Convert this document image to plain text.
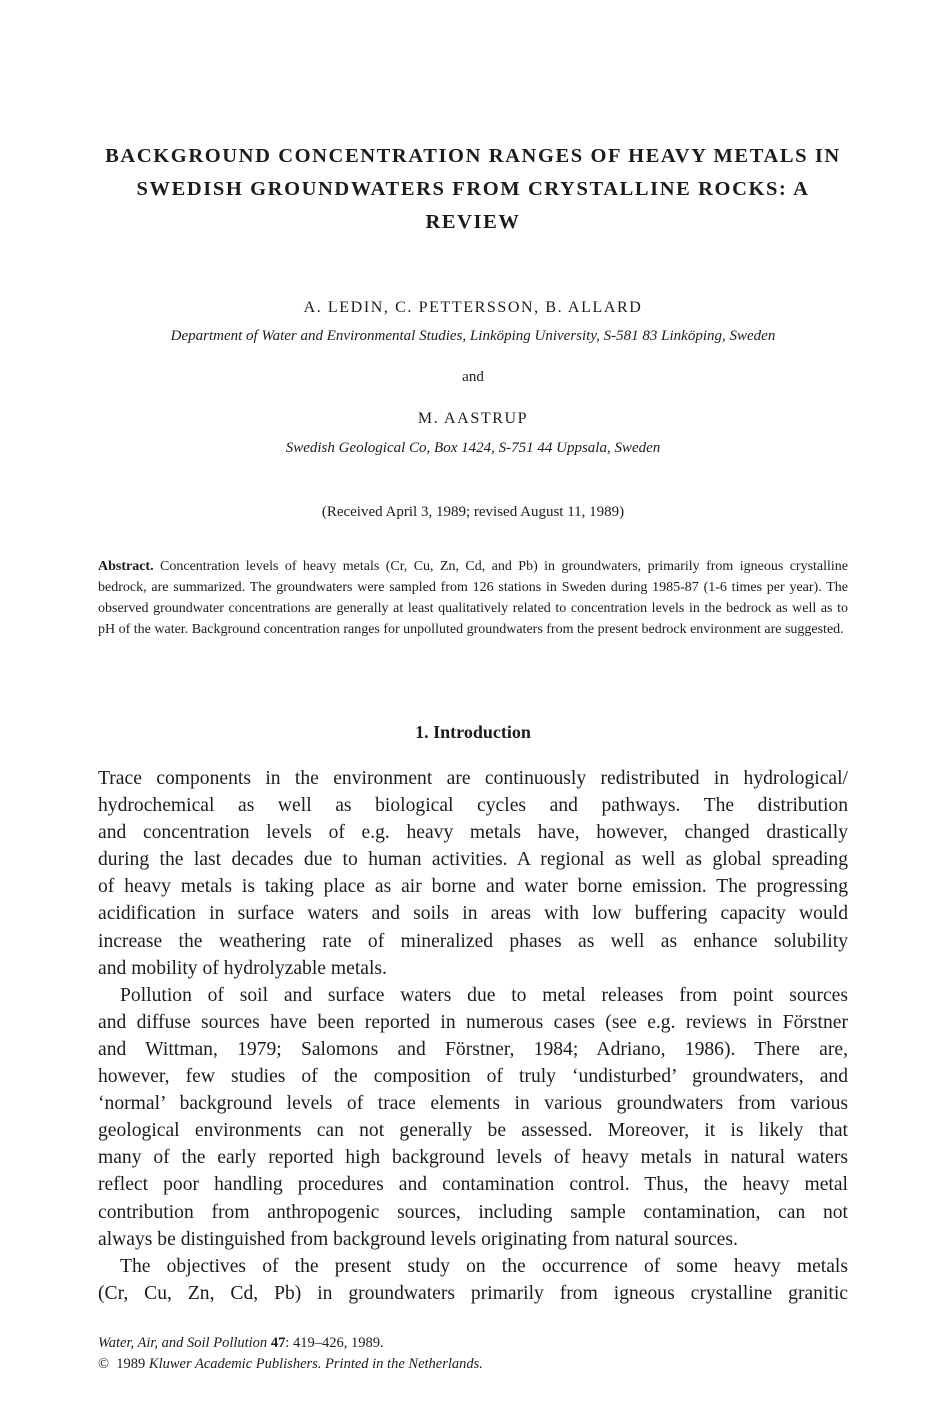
BACKGROUND CONCENTRATION RANGES OF HEAVY METALS IN
SWEDISH GROUNDWATERS FROM CRYSTALLINE ROCKS: A
REVIEW

A. LEDIN, C. PETTERSSON, B. ALLARD

Department of Water and Environmental Studies, Linköping University, S-581 83 Linköping, Sweden

and

M. AASTRUP

Swedish Geological Co, Box 1424, S-751 44 Uppsala, Sweden

(Received April 3, 1989; revised August 11, 1989)

Abstract. Concentration levels of heavy metals (Cr, Cu, Zn, Cd, and Pb) in groundwaters, primarily from igneous crystalline bedrock, are summarized. The groundwaters were sampled from 126 stations in Sweden during 1985-87 (1-6 times per year). The observed groundwater concentrations are generally at least qualitatively related to concentration levels in the bedrock as well as to pH of the water. Background concentration ranges for unpolluted groundwaters from the present bedrock environment are suggested.

1. Introduction
Trace components in the environment are continuously redistributed in hydrological/
hydrochemical as well as biological cycles and pathways. The distribution
and concentration levels of e.g. heavy metals have, however, changed drastically
during the last decades due to human activities. A regional as well as global spreading
of heavy metals is taking place as air borne and water borne emission. The progressing
acidification in surface waters and soils in areas with low buffering capacity would
increase the weathering rate of mineralized phases as well as enhance solubility
and mobility of hydrolyzable metals.
Pollution of soil and surface waters due to metal releases from point sources
and diffuse sources have been reported in numerous cases (see e.g. reviews in Förstner
and Wittman, 1979; Salomons and Förstner, 1984; Adriano, 1986). There are,
however, few studies of the composition of truly ‘undisturbed’ groundwaters, and
‘normal’ background levels of trace elements in various groundwaters from various
geological environments can not generally be assessed. Moreover, it is likely that
many of the early reported high background levels of heavy metals in natural waters
reflect poor handling procedures and contamination control. Thus, the heavy metal
contribution from anthropogenic sources, including sample contamination, can not
always be distinguished from background levels originating from natural sources.
The objectives of the present study on the occurrence of some heavy metals
(Cr, Cu, Zn, Cd, Pb) in groundwaters primarily from igneous crystalline granitic

Water, Air, and Soil Pollution 47: 419–426, 1989.
© 1989 Kluwer Academic Publishers. Printed in the Netherlands.
